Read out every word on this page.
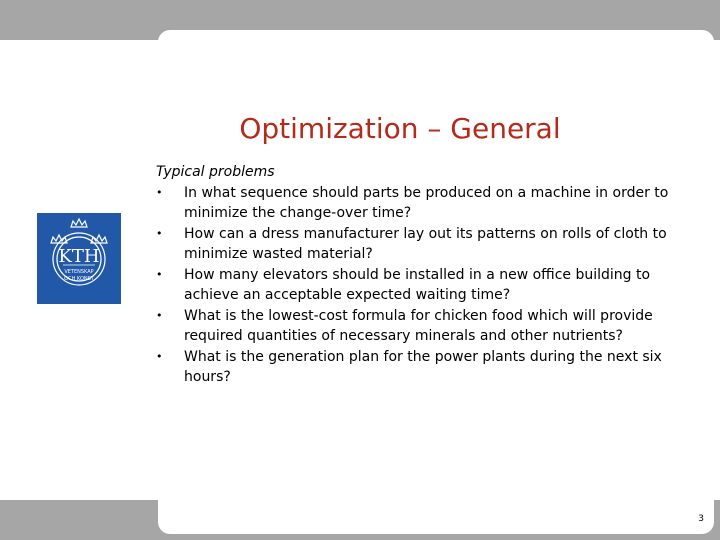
KTH
VETENSKAP
OCH KONST
Optimization – General
Typical problems
• In what sequence should parts be produced on a machine in order to minimize the change-over time?
• How can a dress manufacturer lay out its patterns on rolls of cloth to minimize wasted material?
• How many elevators should be installed in a new office building to achieve an acceptable expected waiting time?
• What is the lowest-cost formula for chicken food which will provide required quantities of necessary minerals and other nutrients?
• What is the generation plan for the power plants during the next six hours?
3
